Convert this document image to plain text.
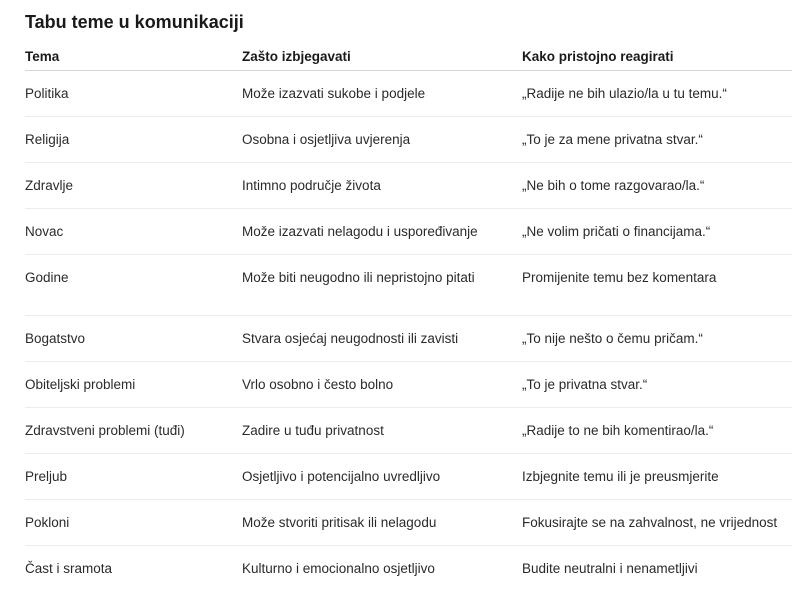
Tabu teme u komunikaciji
Tema	Zašto izbjegavati	Kako pristojno reagirati

Politika	Može izazvati sukobe i podjele	„Radije ne bih ulazio/la u tu temu.“

Religija	Osobna i osjetljiva uvjerenja	„To je za mene privatna stvar.“

Zdravlje	Intimno područje života	„Ne bih o tome razgovarao/la.“

Novac	Može izazvati nelagodu i uspoređivanje	„Ne volim pričati o financijama.“

Godine	Može biti neugodno ili nepristojno pitati	Promijenite temu bez komentara

Bogatstvo	Stvara osjećaj neugodnosti ili zavisti	„To nije nešto o čemu pričam.“

Obiteljski problemi	Vrlo osobno i često bolno	„To je privatna stvar.“

Zdravstveni problemi (tuđi)	Zadire u tuđu privatnost	„Radije to ne bih komentirao/la.“

Preljub	Osjetljivo i potencijalno uvredljivo	Izbjegnite temu ili je preusmjerite

Pokloni	Može stvoriti pritisak ili nelagodu	Fokusirajte se na zahvalnost, ne vrijednost

Čast i sramota	Kulturno i emocionalno osjetljivo	Budite neutralni i nenametljivi
